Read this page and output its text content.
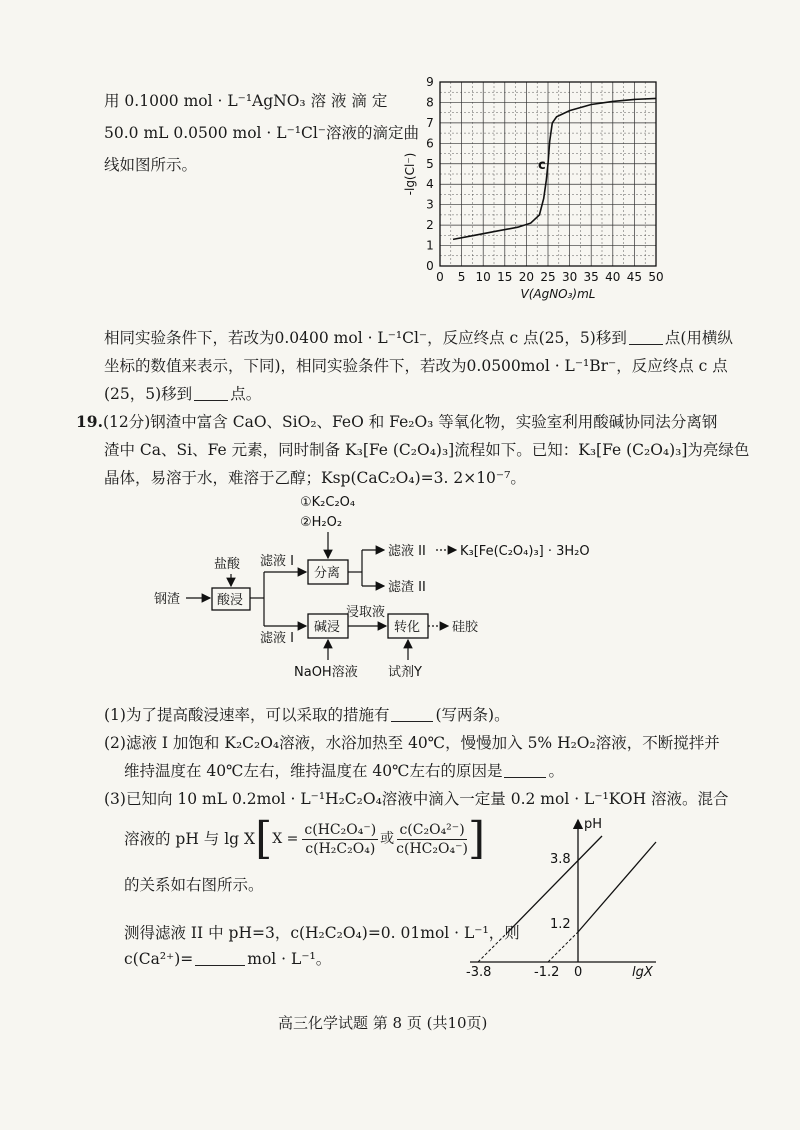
用 0.1000 mol · L⁻¹AgNO₃ 溶 液 滴 定
50.0 mL 0.0500 mol · L⁻¹Cl⁻溶液的滴定曲
线如图所示。
0 5 10 15 20 25 30 35 40 45 50
0
1
2
3
4
5
6
7
8
9
V(AgNO₃)mL
-lg(Cl⁻)	c
相同实验条件下，若改为0.0400 mol · L⁻¹Cl⁻，反应终点 c 点(25，5)移到 点(用横纵
坐标的数值来表示，下同)，相同实验条件下，若改为0.0500mol · L⁻¹Br⁻，反应终点 c 点
(25，5)移到 点。
19.(12分)钢渣中富含 CaO、SiO₂、FeO 和 Fe₂O₃ 等氧化物，实验室利用酸碱协同法分离钢
渣中 Ca、Si、Fe 元素，同时制备 K₃[Fe (C₂O₄)₃]流程如下。已知：K₃[Fe (C₂O₄)₃]为亮绿色
晶体，易溶于水，难溶于乙醇；Ksp(CaC₂O₄)=3. 2×10⁻⁷。
钢渣
盐酸
酸浸
滤液 I
滤液 I
①K₂C₂O₄
②H₂O₂
分离
滤液 II	K₃[Fe(C₂O₄)₃] · 3H₂O
滤渣 II
碱浸
NaOH溶液
浸取液
转化
试剂Y
硅胶
(1)为了提高酸浸速率，可以采取的措施有	(写两条)。
(2)滤液 I 加饱和 K₂C₂O₄溶液，水浴加热至 40℃，慢慢加入 5% H₂O₂溶液，不断搅拌并
维持温度在 40℃左右，维持温度在 40℃左右的原因是	。
(3)已知向 10 mL 0.2mol · L⁻¹H₂C₂O₄溶液中滴入一定量 0.2 mol · L⁻¹KOH 溶液。混合
溶液的 pH 与 lg X [ $X = \frac{\text{c(HC₂O₄⁻)}}{\text{c(H₂C₂O₄)}}$ 或 $\frac{\text{c(C₂O₄²⁻)}}{\text{c(HC₂O₄⁻)}}$ ]
的关系如右图所示。
测得滤液 II 中 pH=3，c(H₂C₂O₄)=0. 01mol · L⁻¹，则
c(Ca²⁺)=	mol · L⁻¹。
pH
lgX
3.8
1.2
-3.8	-1.2 0
高三化学试题 第 8 页 (共10页)
